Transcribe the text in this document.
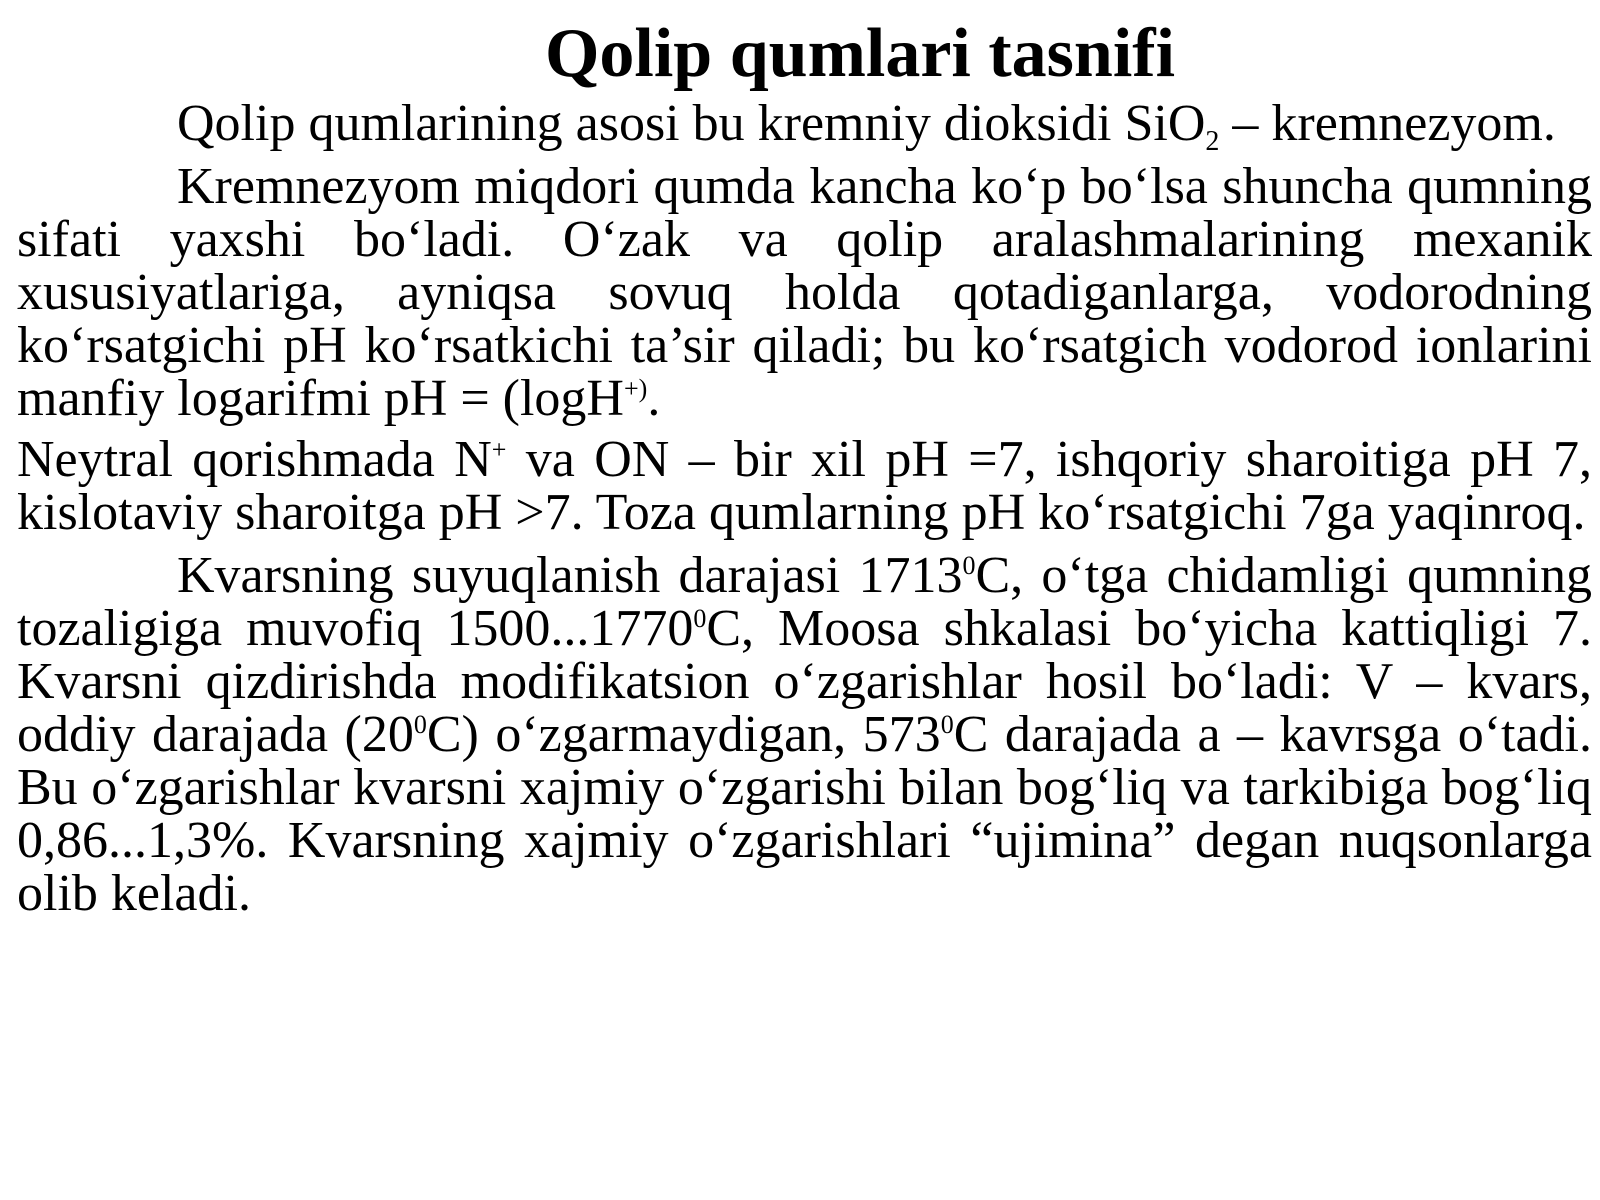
Qolip qumlari tasnifi

Qolip qumlarining asosi bu kremniy dioksidi SiO$_2$ – kremnezyom.

Kremnezyom miqdori qumda kancha ko‘p bo‘lsa shuncha qumning sifati yaxshi bo‘ladi. O‘zak va qolip aralashmalarining mexanik xususiyatlariga, ayniqsa sovuq holda qotadiganlarga, vodorodning ko‘rsatgichi pH ko‘rsatkichi ta’sir qiladi; bu ko‘rsatgich vodorod ionlarini manfiy logarifmi pH = (logH+).

Neytral qorishmada N+ va ON – bir xil pH =7, ishqoriy sharoitiga pH 7, kislotaviy sharoitga pH >7. Toza qumlarning pH ko‘rsatgichi 7ga yaqinroq.

Kvarsning suyuqlanish darajasi 1713$^0$C, o‘tga chidamligi qumning tozaligiga muvofiq 1500...1770$^0$C, Moosa shkalasi bo‘yicha kattiqligi 7. Kvarsni qizdirishda modifikatsion o‘zgarishlar hosil bo‘ladi: V – kvars, oddiy darajada $(20^0C)$ o‘zgarmaydigan, $573^0C$ darajada a – kavrsga o‘tadi. Bu o‘zgarishlar kvarsni xajmiy o‘zgarishi bilan bog‘liq va tarkibiga bog‘liq 0,86...1,3%. Kvarsning xajmiy o‘zgarishlari “ujimina” degan nuqsonlarga olib keladi.
